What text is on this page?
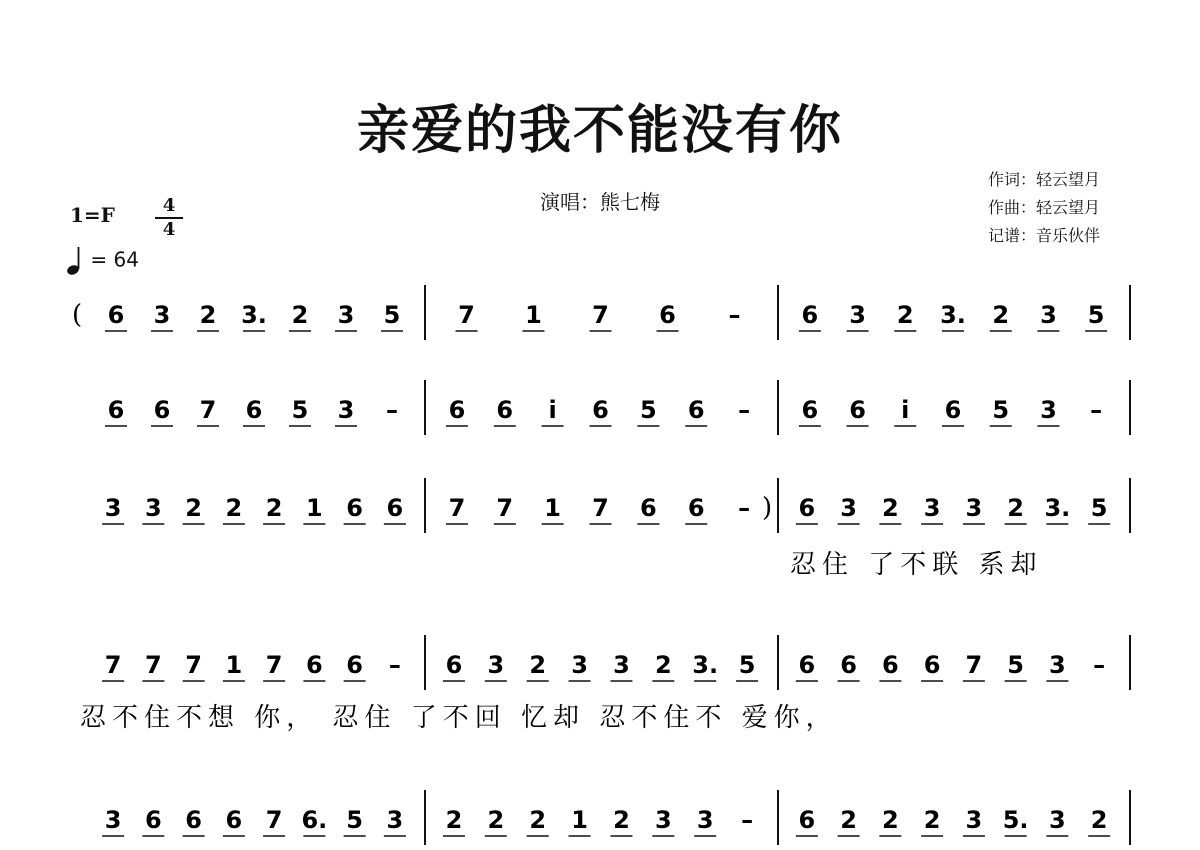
亲爱的我不能没有你
演唱：熊七梅
作词：轻云望月
作曲：轻云望月
记谱：音乐伙伴
1=F	4
4
= 64
( 6 3 2 3. 2 3 5 7 1 7 6 –	6 3 2 3. 2 3 5
6 6 7 6 5 3 – 6 6 i 6 5 6 – 6 6 i 6 5 3 –
3 3 2 2 2 1 6 6 7 7 1 7 6 6 – 6 3 2 3 3 2 3. 5
忍住 了不联 系却
7 7 7 1 7 6 6 – 6 3 2 3 3 2 3. 5 6 6 6 6 7 5 3 –
忍不住不想 你， 忍住 了不回 忆却 忍不住不 爱你，
3 6 6 6 7 6. 5 3 2 2 2 1 2 3 3 – 6 2 2 2 3 5. 3 2
)
